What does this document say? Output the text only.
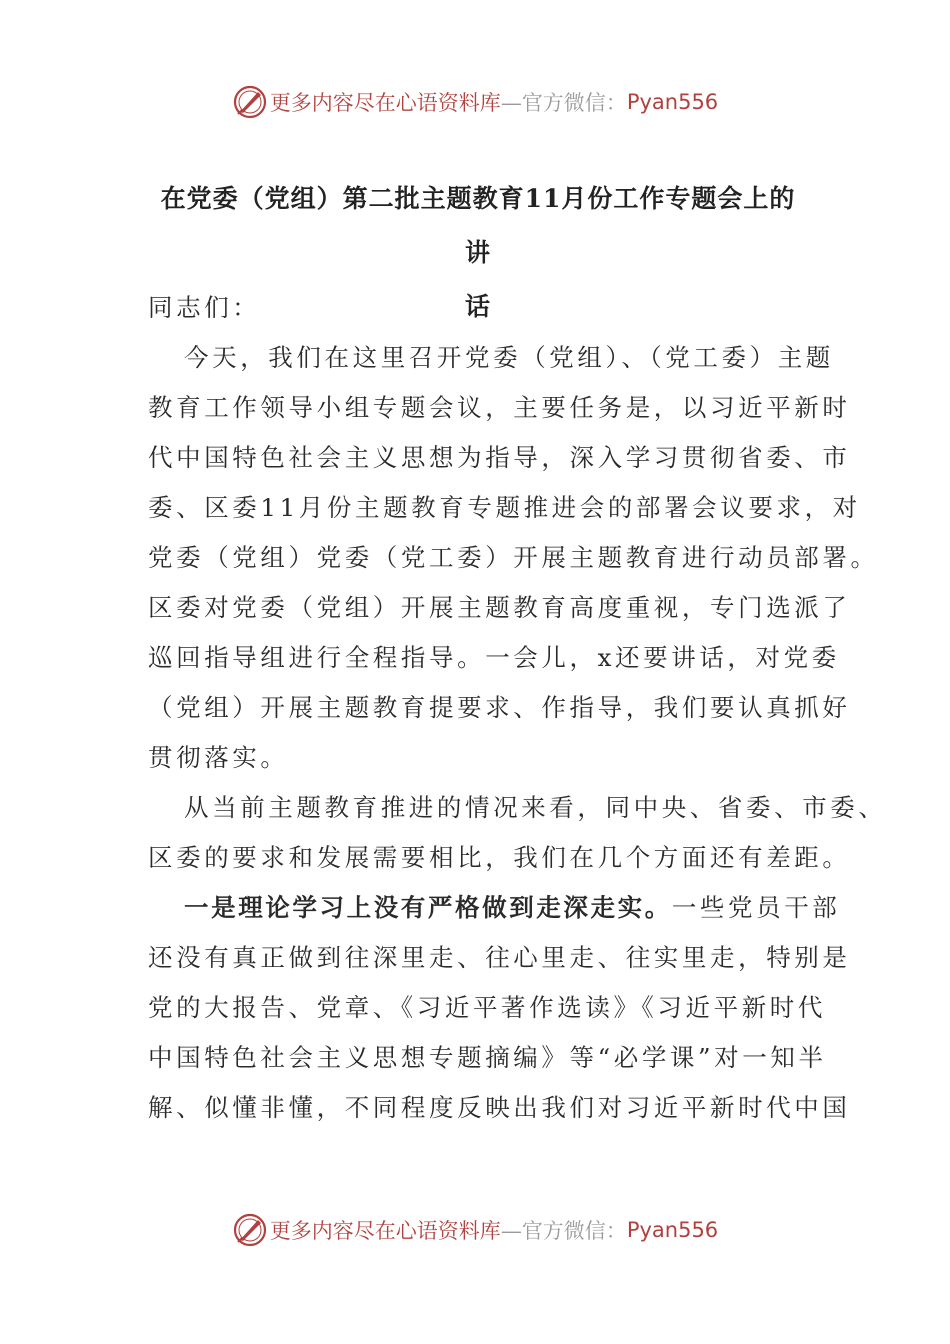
更多内容尽在心语资料库 —官方微信： Pyan556
在党委（党组）第二批主题教育11月份工作专题会上的讲
话
同志们：
今天，我们在这里召开党委（党组）、（党工委）主题
教育工作领导小组专题会议，主要任务是，以习近平新时
代中国特色社会主义思想为指导，深入学习贯彻省委、市
委、区委11月份主题教育专题推进会的部署会议要求，对
党委（党组）党委（党工委）开展主题教育进行动员部署。
区委对党委（党组）开展主题教育高度重视，专门选派了
巡回指导组进行全程指导。一会儿，x还要讲话，对党委
（党组）开展主题教育提要求、作指导，我们要认真抓好
贯彻落实。
从当前主题教育推进的情况来看，同中央、省委、市委、
区委的要求和发展需要相比，我们在几个方面还有差距。
一是理论学习上没有严格做到走深走实。一些党员干部
还没有真正做到往深里走、往心里走、往实里走，特别是
党的大报告、党章、《习近平著作选读》《习近平新时代
中国特色社会主义思想专题摘编》等“必学课”对一知半
解、似懂非懂，不同程度反映出我们对习近平新时代中国
更多内容尽在心语资料库 —官方微信： Pyan556
